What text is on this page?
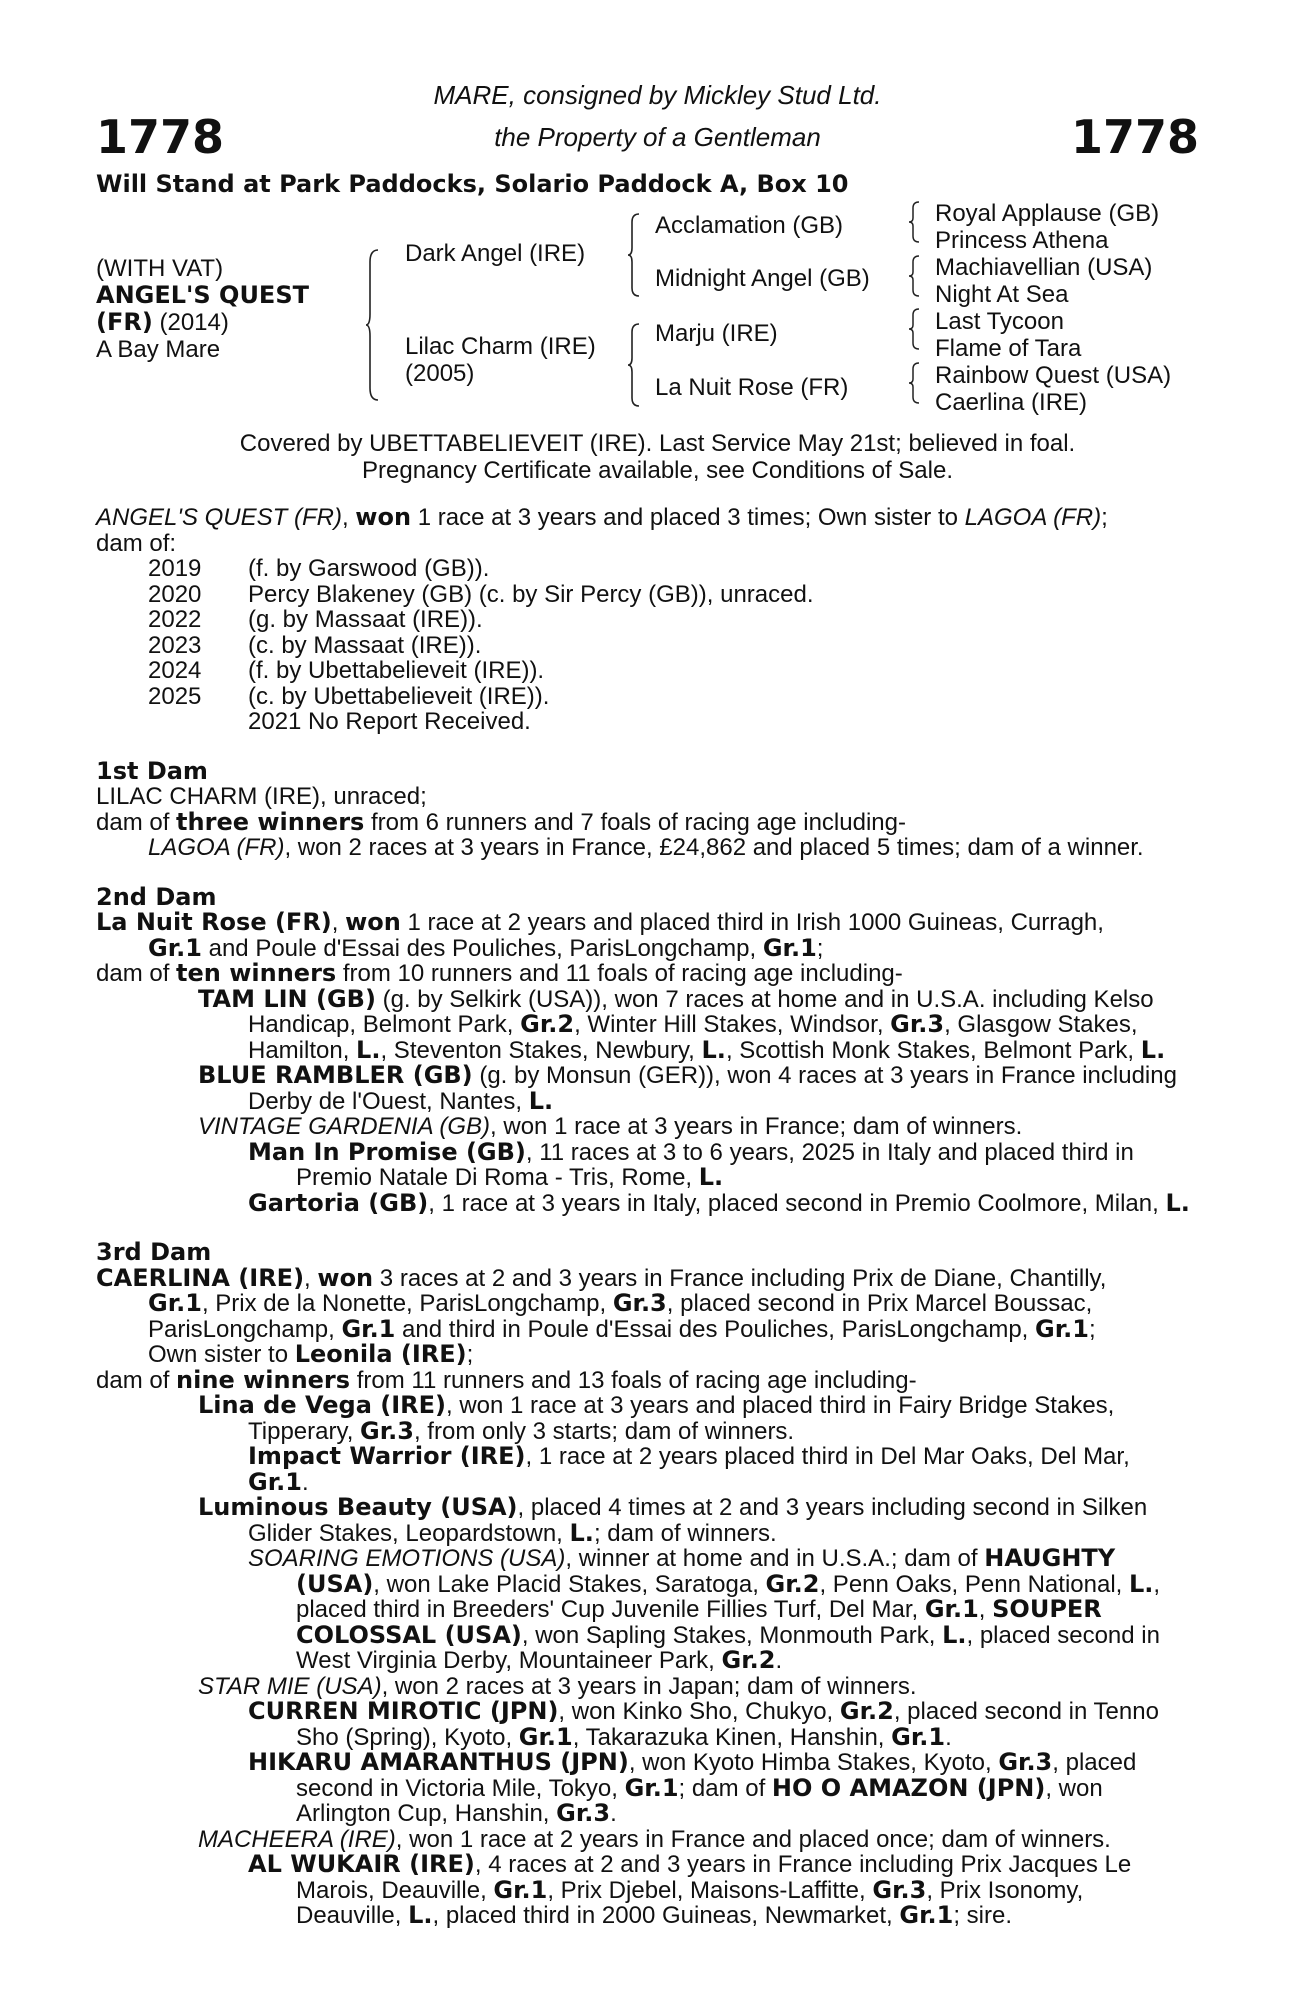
1778	1778
MARE, consigned by Mickley Stud Ltd.
the Property of a Gentleman
Will Stand at Park Paddocks, Solario Paddock A, Box 10
(WITH VAT)
ANGEL'S QUEST
(FR) (2014)
A Bay Mare
Dark Angel (IRE)
Lilac Charm (IRE)
(2005)
Acclamation (GB)
Midnight Angel (GB)
Marju (IRE)
La Nuit Rose (FR)
Royal Applause (GB)
Princess Athena
Machiavellian (USA)
Night At Sea
Last Tycoon
Flame of Tara
Rainbow Quest (USA)
Caerlina (IRE)
Covered by UBETTABELIEVEIT (IRE). Last Service May 21st; believed in foal.
Pregnancy Certificate available, see Conditions of Sale.
ANGEL'S QUEST (FR), won 1 race at 3 years and placed 3 times; Own sister to LAGOA (FR);
dam of:
2019 (f. by Garswood (GB)).
2020 Percy Blakeney (GB) (c. by Sir Percy (GB)), unraced.
2022 (g. by Massaat (IRE)).
2023 (c. by Massaat (IRE)).
2024 (f. by Ubettabelieveit (IRE)).
2025 (c. by Ubettabelieveit (IRE)).
2021 No Report Received.
1st Dam
LILAC CHARM (IRE), unraced;
dam of three winners from 6 runners and 7 foals of racing age including-
LAGOA (FR), won 2 races at 3 years in France, £24,862 and placed 5 times; dam of a winner.
2nd Dam
La Nuit Rose (FR), won 1 race at 2 years and placed third in Irish 1000 Guineas, Curragh,
Gr.1 and Poule d'Essai des Pouliches, ParisLongchamp, Gr.1;
dam of ten winners from 10 runners and 11 foals of racing age including-
TAM LIN (GB) (g. by Selkirk (USA)), won 7 races at home and in U.S.A. including Kelso
Handicap, Belmont Park, Gr.2, Winter Hill Stakes, Windsor, Gr.3, Glasgow Stakes,
Hamilton, L., Steventon Stakes, Newbury, L., Scottish Monk Stakes, Belmont Park, L.
BLUE RAMBLER (GB) (g. by Monsun (GER)), won 4 races at 3 years in France including
Derby de l'Ouest, Nantes, L.
VINTAGE GARDENIA (GB), won 1 race at 3 years in France; dam of winners.
Man In Promise (GB), 11 races at 3 to 6 years, 2025 in Italy and placed third in
Premio Natale Di Roma - Tris, Rome, L.
Gartoria (GB), 1 race at 3 years in Italy, placed second in Premio Coolmore, Milan, L.
3rd Dam
CAERLINA (IRE), won 3 races at 2 and 3 years in France including Prix de Diane, Chantilly,
Gr.1, Prix de la Nonette, ParisLongchamp, Gr.3, placed second in Prix Marcel Boussac,
ParisLongchamp, Gr.1 and third in Poule d'Essai des Pouliches, ParisLongchamp, Gr.1;
Own sister to Leonila (IRE);
dam of nine winners from 11 runners and 13 foals of racing age including-
Lina de Vega (IRE), won 1 race at 3 years and placed third in Fairy Bridge Stakes,
Tipperary, Gr.3, from only 3 starts; dam of winners.
Impact Warrior (IRE), 1 race at 2 years placed third in Del Mar Oaks, Del Mar, Gr.1.
Luminous Beauty (USA), placed 4 times at 2 and 3 years including second in Silken
Glider Stakes, Leopardstown, L.; dam of winners.
SOARING EMOTIONS (USA), winner at home and in U.S.A.; dam of HAUGHTY
(USA), won Lake Placid Stakes, Saratoga, Gr.2, Penn Oaks, Penn National, L.,
placed third in Breeders' Cup Juvenile Fillies Turf, Del Mar, Gr.1, SOUPER
COLOSSAL (USA), won Sapling Stakes, Monmouth Park, L., placed second in
West Virginia Derby, Mountaineer Park, Gr.2.
STAR MIE (USA), won 2 races at 3 years in Japan; dam of winners.
CURREN MIROTIC (JPN), won Kinko Sho, Chukyo, Gr.2, placed second in Tenno
Sho (Spring), Kyoto, Gr.1, Takarazuka Kinen, Hanshin, Gr.1.
HIKARU AMARANTHUS (JPN), won Kyoto Himba Stakes, Kyoto, Gr.3, placed
second in Victoria Mile, Tokyo, Gr.1; dam of HO O AMAZON (JPN), won
Arlington Cup, Hanshin, Gr.3.
MACHEERA (IRE), won 1 race at 2 years in France and placed once; dam of winners.
AL WUKAIR (IRE), 4 races at 2 and 3 years in France including Prix Jacques Le
Marois, Deauville, Gr.1, Prix Djebel, Maisons-Laffitte, Gr.3, Prix Isonomy,
Deauville, L., placed third in 2000 Guineas, Newmarket, Gr.1; sire.
